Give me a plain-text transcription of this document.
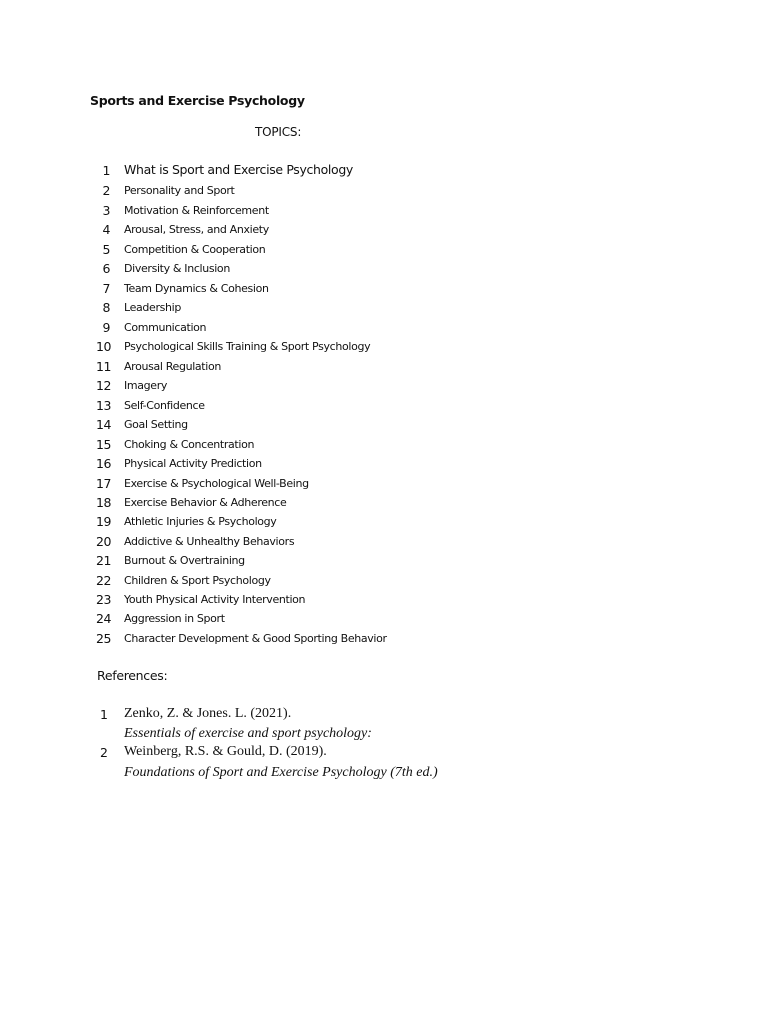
Sports and Exercise Psychology
TOPICS:
1 What is Sport and Exercise Psychology
2 Personality and Sport
3 Motivation & Reinforcement
4 Arousal, Stress, and Anxiety
5 Competition & Cooperation
6 Diversity & Inclusion
7 Team Dynamics & Cohesion
8 Leadership
9 Communication
10 Psychological Skills Training & Sport Psychology
11 Arousal Regulation
12 Imagery
13 Self-Confidence
14 Goal Setting
15 Choking & Concentration
16 Physical Activity Prediction
17 Exercise & Psychological Well-Being
18 Exercise Behavior & Adherence
19 Athletic Injuries & Psychology
20 Addictive & Unhealthy Behaviors
21 Burnout & Overtraining
22 Children & Sport Psychology
23 Youth Physical Activity Intervention
24 Aggression in Sport
25 Character Development & Good Sporting Behavior
References:
1 Zenko, Z. & Jones. L. (2021).
Essentials of exercise and sport psychology:
2 Weinberg, R.S. & Gould, D. (2019).
Foundations of Sport and Exercise Psychology (7th ed.)
